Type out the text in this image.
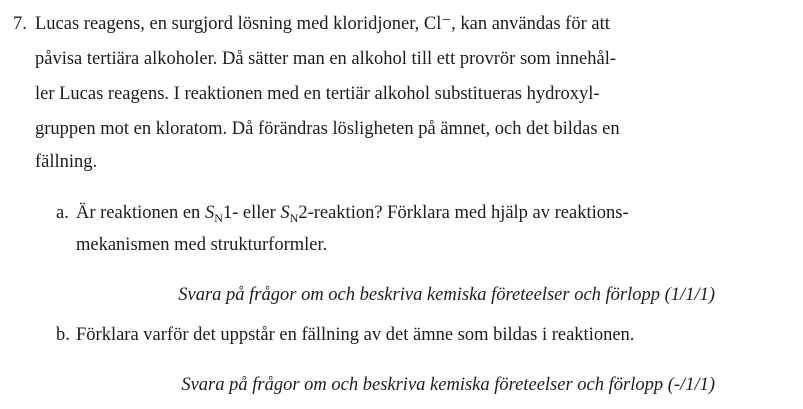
7. Lucas reagens, en surgjord lösning med kloridjoner, Cl⁻, kan användas för att
påvisa tertiära alkoholer. Då sätter man en alkohol till ett provrör som innehål-
ler Lucas reagens. I reaktionen med en tertiär alkohol substitueras hydroxyl-
gruppen mot en kloratom. Då förändras lösligheten på ämnet, och det bildas en
fällning.
a. Är reaktionen en $S_N1-$ eller $S_N2$-reaktion? Förklara med hjälp av reaktions-
mekanismen med strukturformler.
Svara på frågor om och beskriva kemiska företeelser och förlopp (1/1/1)
b. Förklara varför det uppstår en fällning av det ämne som bildas i reaktionen.
Svara på frågor om och beskriva kemiska företeelser och förlopp (-/1/1)
